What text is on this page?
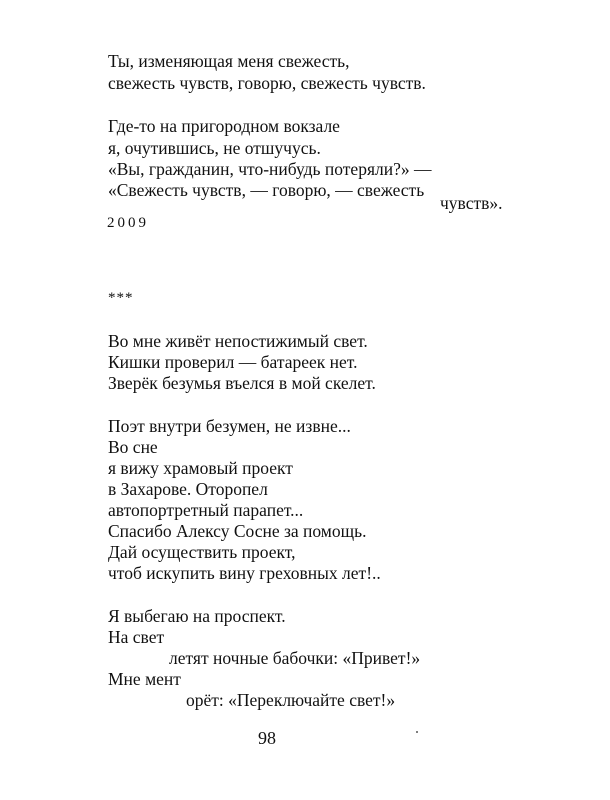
Ты, изменяющая меня свежесть,
свежесть чувств, говорю, свежесть чувств.
Где-то на пригородном вокзале
я, очутившись, не отшучусь.
«Вы, гражданин, что-нибудь потеряли?» —
«Свежесть чувств, — говорю, — свежесть
чувств».
2009
***
Во мне живёт непостижимый свет.
Кишки проверил — батареек нет.
Зверёк безумья въелся в мой скелет.
Поэт внутри безумен, не извне...
Во сне
я вижу храмовый проект
в Захарове. Оторопел
автопортретный парапет...
Спасибо Алексу Сосне за помощь.
Дай осуществить проект,
чтоб искупить вину греховных лет!..
Я выбегаю на проспект.
На свет
летят ночные бабочки: «Привет!»
Мне мент
орёт: «Переключайте свет!»
98
